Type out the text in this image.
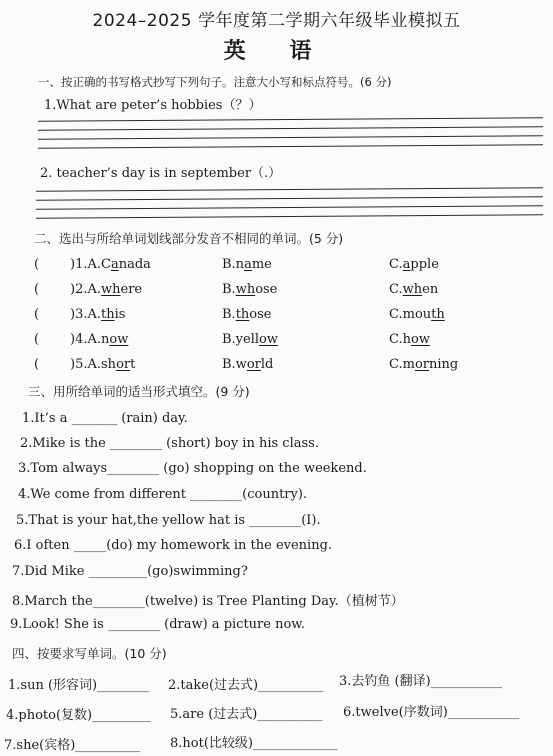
2024–2025 学年度第二学期六年级毕业模拟五
英 语
一、按正确的书写格式抄写下列句子。注意大小写和标点符号。(6 分)
1.What are peter’s hobbies（？）
2. teacher’s day is in september（.）
二、选出与所给单词划线部分发音不相同的单词。(5 分)
( )1.A.Canada	B.name	C.apple
( )2.A.where	B.whose	C.when
( )3.A.this	B.those	C.mouth
( )4.A.now	B.yellow	C.how
( )5.A.short	B.world	C.morning
三、用所给单词的适当形式填空。(9 分)
1.It’s a _______ (rain) day.
2.Mike is the ________ (short) boy in his class.
3.Tom always________ (go) shopping on the weekend.
4.We come from different ________(country).
5.That is your hat,the yellow hat is ________(I).
6.I often _____(do) my homework in the evening.
7.Did Mike _________(go)swimming?
8.March the________(twelve) is Tree Planting Day.（植树节）
9.Look! She is ________ (draw) a picture now.
四、按要求写单词。(10 分)
1.sun (形容词)________ 2.take(过去式)__________ 3.去钓鱼 (翻译)___________
4.photo(复数)_________ 5.are (过去式)__________ 6.twelve(序数词)___________
7.she(宾格)__________ 8.hot(比较级)_____________
